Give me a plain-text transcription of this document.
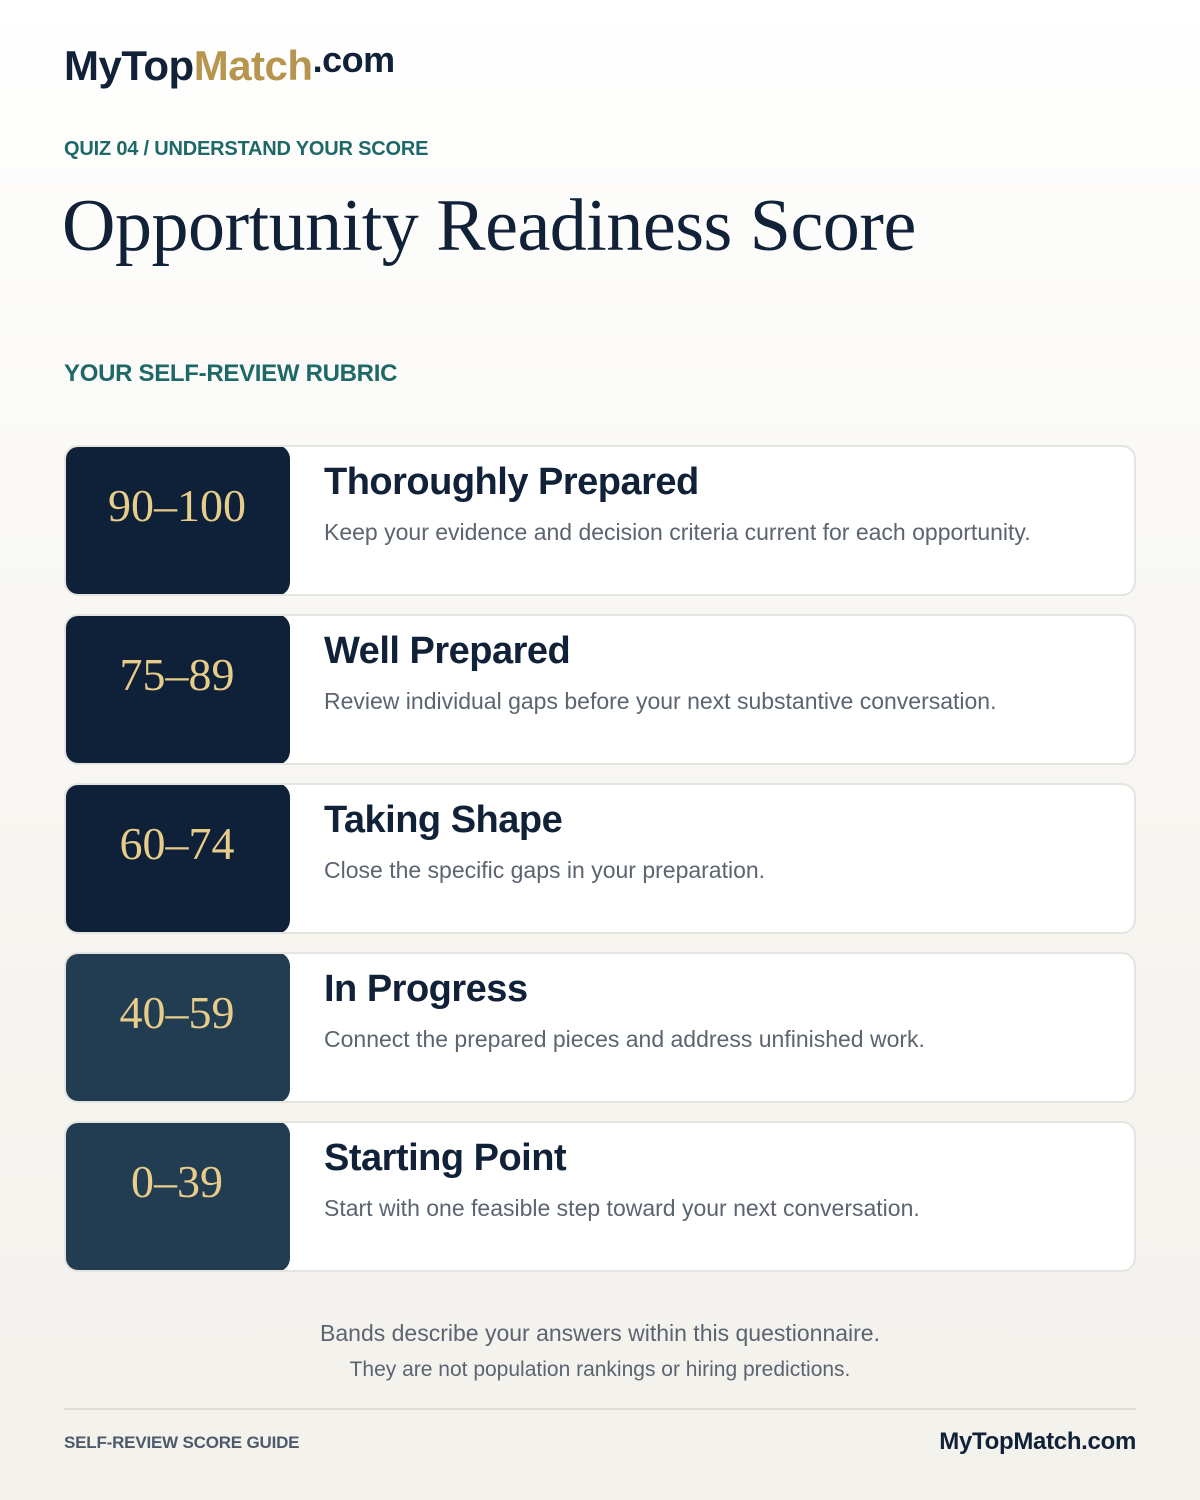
MyTop Match .com
QUIZ 04 / UNDERSTAND YOUR SCORE
Opportunity Readiness Score
YOUR SELF-REVIEW RUBRIC
90–100	Thoroughly Prepared
Keep your evidence and decision criteria current for each opportunity.
75–89	Well Prepared
Review individual gaps before your next substantive conversation.
60–74	Taking Shape
Close the specific gaps in your preparation.
40–59	In Progress
Connect the prepared pieces and address unfinished work.
0–39	Starting Point
Start with one feasible step toward your next conversation.

Bands describe your answers within this questionnaire.

They are not population rankings or hiring predictions.

SELF-REVIEW SCORE GUIDE	MyTopMatch.com
